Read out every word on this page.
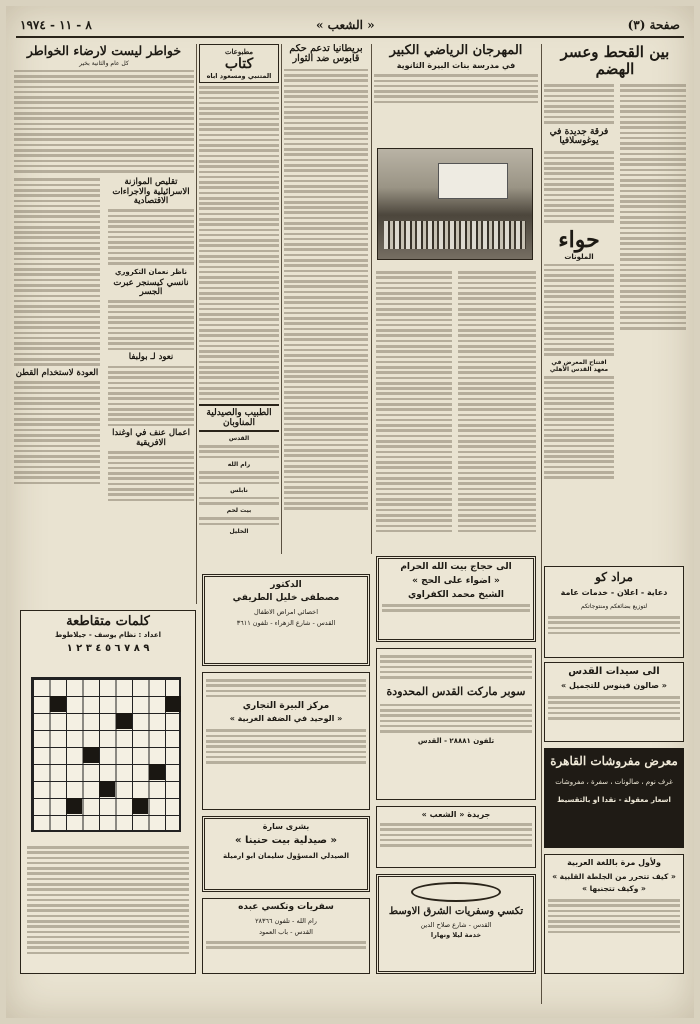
صفحة (٣)
« الشعب »
٨ - ١١ - ١٩٧٤
بين القحط وعسر الهضم
فرقة جديدة في يوغوسلافيا
حواء
الملونات
افتتاح المعرض في معهد القدس الأهلي
مراد كو
دعاية - اعلان - خدمات عامة
لتوزيع بضائعكم ومنتوجاتكم
الى سيدات القدس
« صالون فينوس للتجميل »
معرض مفروشات القاهرة
غرف نوم ، صالونات ، سفرة ، مفروشات
اسعار معقولة - نقدا او بالتقسيط
ولأول مرة باللغة العربية
« كيف تتحرر من الجلطة القلبية »
« وكيف تتجنبها »
المهرجان الرياضي الكبير
في مدرسة بنات البيرة الثانوية
الى حجاج بيت الله الحرام
« اضواء على الحج »
الشيخ محمد الكفراوي
سوبر ماركت القدس المحدودة
تلفون ٢٨٨٨١ - القدس
جريدة « الشعب »
تكسي وسفريات الشرق الاوسط
القدس - شارع صلاح الدين
خدمة ليلا ونهارا
بريطانيا تدعم حكم قابوس ضد الثوار
الدكتور
مصطفى خليل الطريفي
اخصائي امراض الاطفال
القدس - شارع الزهراء - تلفون ٣٦١١
مركز البيرة التجاري
« الوحيد في الضفة الغربية »
بشرى سارة
« صيدلية بيت حنينا »
الصيدلي المسؤول سليمان ابو ارميلة
سفريات وتكسي عبده
رام الله - تلفون ٢٨٣٦٦
القدس - باب العمود
مطبوعات
كتاب
المتنبي ومسعود اباه
الطبيب والصيدلية المناوبان
القدس
رام الله
نابلس
بيت لحم
الخليل
خواطر ليست لارضاء الخواطر
كل عام والثانية بخير
تقليص الموازنة الاسرائيلية والاجراءات الاقتصادية
ناظر نعمان التكروري
نانسي كيسنجر عبرت الجسر
نعود لـ بولبفا
اعمال عنف في اوغندا الافريقية
العودة لاستخدام القطن
كلمات متقاطعة
اعداد : نظام يوسف - جيلاطوط
٩ ٨ ٧ ٦ ٥ ٤ ٣ ٢ ١
